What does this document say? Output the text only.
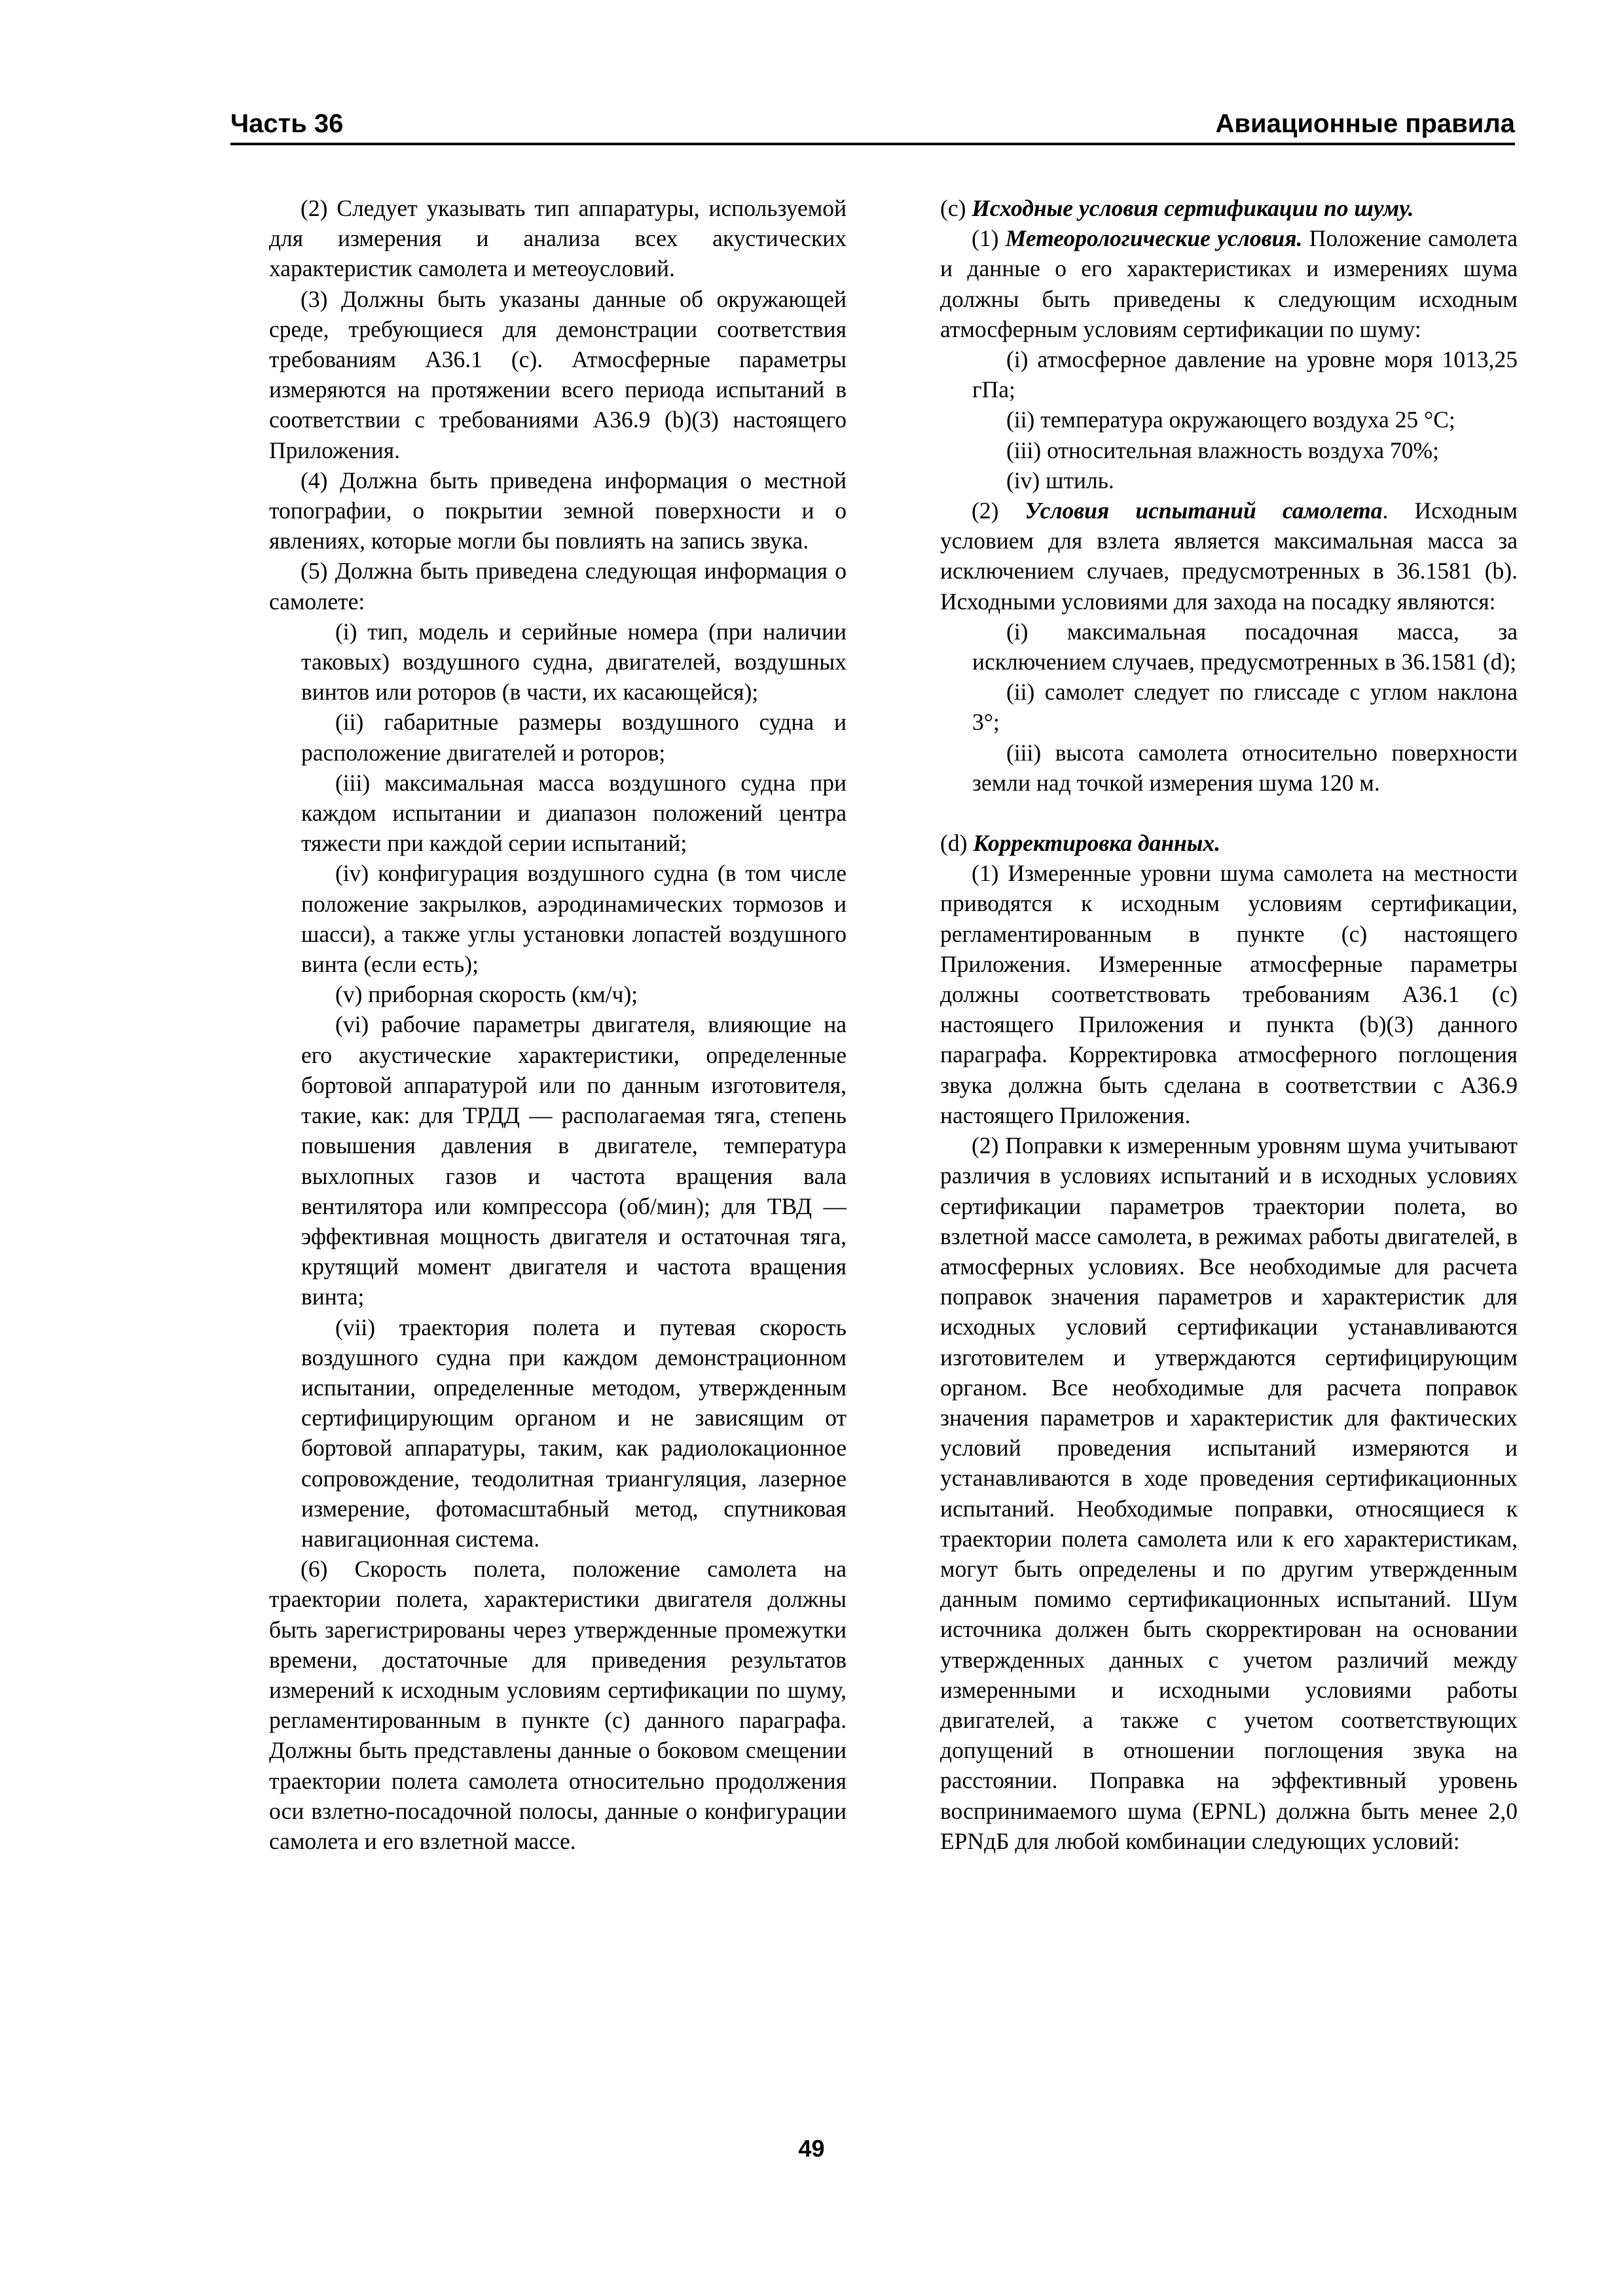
Часть 36	Авиационные правила

(2) Следует указывать тип аппаратуры, используемой для измерения и анализа всех акустических характеристик самолета и метеоусловий.

(3) Должны быть указаны данные об окружающей среде, требующиеся для демонстрации соответствия требованиям А36.1 (с). Атмосферные параметры измеряются на протяжении всего периода испытаний в соответствии с требованиями А36.9 (b)(3) настоящего Приложения.

(4) Должна быть приведена информация о местной топографии, о покрытии земной поверхности и о явлениях, которые могли бы повлиять на запись звука.

(5) Должна быть приведена следующая информация о самолете:

(i) тип, модель и серийные номера (при наличии таковых) воздушного судна, двигателей, воздушных винтов или роторов (в части, их касающейся);

(ii) габаритные размеры воздушного судна и расположение двигателей и роторов;

(iii) максимальная масса воздушного судна при каждом испытании и диапазон положений центра тяжести при каждой серии испытаний;

(iv) конфигурация воздушного судна (в том числе положение закрылков, аэродинамических тормозов и шасси), а также углы установки лопастей воздушного винта (если есть);

(v) приборная скорость (км/ч);

(vi) рабочие параметры двигателя, влияющие на его акустические характеристики, определенные бортовой аппаратурой или по данным изготовителя, такие, как: для ТРДД — располагаемая тяга, степень повышения давления в двигателе, температура выхлопных газов и частота вращения вала вентилятора или компрессора (об/мин); для ТВД — эффективная мощность двигателя и остаточная тяга, крутящий момент двигателя и частота вращения винта;

(vii) траектория полета и путевая скорость воздушного судна при каждом демонстрационном испытании, определенные методом, утвержденным сертифицирующим органом и не зависящим от бортовой аппаратуры, таким, как радиолокационное сопровождение, теодолитная триангуляция, лазерное измерение, фотомасштабный метод, спутниковая навигационная система.

(6) Скорость полета, положение самолета на траектории полета, характеристики двигателя должны быть зарегистрированы через утвержденные промежутки времени, достаточные для приведения результатов измерений к исходным условиям сертификации по шуму, регламентированным в пункте (с) данного параграфа. Должны быть представлены данные о боковом смещении траектории полета самолета относительно продолжения оси взлетно-посадочной полосы, данные о конфигурации самолета и его взлетной массе.

(с) Исходные условия сертификации по шуму.

(1) Метеорологические условия. Положение самолета и данные о его характеристиках и измерениях шума должны быть приведены к следующим исходным атмосферным условиям сертификации по шуму:

(i) атмосферное давление на уровне моря 1013,25 гПа;

(ii) температура окружающего воздуха 25 °С;

(iii) относительная влажность воздуха 70%;

(iv) штиль.

(2) Условия испытаний самолета. Исходным условием для взлета является максимальная масса за исключением случаев, предусмотренных в 36.1581 (b). Исходными условиями для захода на посадку являются:

(i) максимальная посадочная масса, за исключением случаев, предусмотренных в 36.1581 (d);

(ii) самолет следует по глиссаде с углом наклона 3°;

(iii) высота самолета относительно поверхности земли над точкой измерения шума 120 м.

(d) Корректировка данных.

(1) Измеренные уровни шума самолета на местности приводятся к исходным условиям сертификации, регламентированным в пункте (с) настоящего Приложения. Измеренные атмосферные параметры должны соответствовать требованиям А36.1 (с) настоящего Приложения и пункта (b)(3) данного параграфа. Корректировка атмосферного поглощения звука должна быть сделана в соответствии с А36.9 настоящего Приложения.

(2) Поправки к измеренным уровням шума учитывают различия в условиях испытаний и в исходных условиях сертификации параметров траектории полета, во взлетной массе самолета, в режимах работы двигателей, в атмосферных условиях. Все необходимые для расчета поправок значения параметров и характеристик для исходных условий сертификации устанавливаются изготовителем и утверждаются сертифицирующим органом. Все необходимые для расчета поправок значения параметров и характеристик для фактических условий проведения испытаний измеряются и устанавливаются в ходе проведения сертификационных испытаний. Необходимые поправки, относящиеся к траектории полета самолета или к его характеристикам, могут быть определены и по другим утвержденным данным помимо сертификационных испытаний. Шум источника должен быть скорректирован на основании утвержденных данных с учетом различий между измеренными и исходными условиями работы двигателей, а также с учетом соответствующих допущений в отношении поглощения звука на расстоянии. Поправка на эффективный уровень воспринимаемого шума (EPNL) должна быть менее 2,0 EPNдБ для любой комбинации следующих условий:

49
